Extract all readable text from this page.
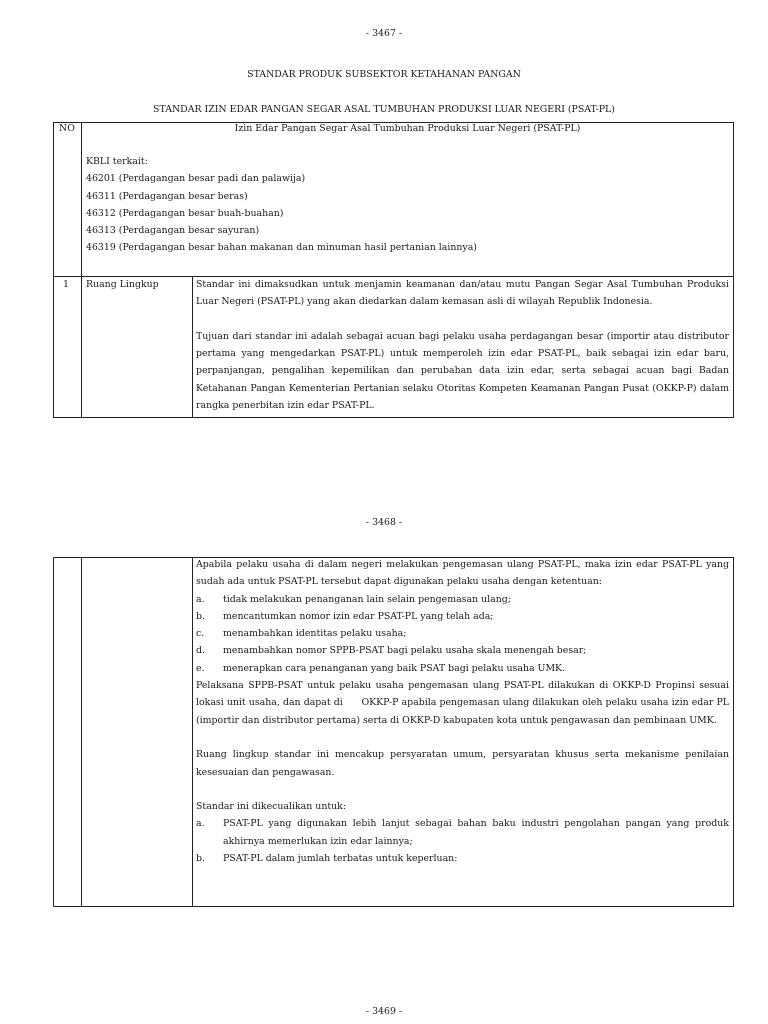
- 3467 -
STANDAR PRODUK SUBSEKTOR KETAHANAN PANGAN
STANDAR IZIN EDAR PANGAN SEGAR ASAL TUMBUHAN PRODUKSI LUAR NEGERI (PSAT-PL)
NO	Izin Edar Pangan Segar Asal Tumbuhan Produksi Luar Negeri (PSAT-PL)
KBLI terkait:
46201 (Perdagangan besar padi dan palawija)
46311 (Perdagangan besar beras)
46312 (Perdagangan besar buah-buahan)
46313 (Perdagangan besar sayuran)
46319 (Perdagangan besar bahan makanan dan minuman hasil pertanian lainnya)
1 Ruang Lingkup	Standar ini dimaksudkan untuk menjamin keamanan dan/atau mutu Pangan Segar Asal Tumbuhan Produksi Luar Negeri (PSAT-PL) yang akan diedarkan dalam kemasan asli di wilayah Republik Indonesia.

Tujuan dari standar ini adalah sebagai acuan bagi pelaku usaha perdagangan besar (importir atau distributor pertama yang mengedarkan PSAT-PL) untuk memperoleh izin edar PSAT-PL, baik sebagai izin edar baru, perpanjangan, pengalihan kepemilikan dan perubahan data izin edar, serta sebagai acuan bagi Badan Ketahanan Pangan Kementerian Pertanian selaku Otoritas Kompeten Keamanan Pangan Pusat (OKKP-P) dalam rangka penerbitan izin edar PSAT-PL.

- 3468 -

Apabila pelaku usaha di dalam negeri melakukan pengemasan ulang PSAT-PL, maka izin edar PSAT-PL yang sudah ada untuk PSAT-PL tersebut dapat digunakan pelaku usaha dengan ketentuan:

a.	tidak melakukan penanganan lain selain pengemasan ulang;
b.	mencantumkan nomor izin edar PSAT-PL yang telah ada;
c.	menambahkan identitas pelaku usaha;
d.	menambahkan nomor SPPB-PSAT bagi pelaku usaha skala menengah besar;
e.	menerapkan cara penanganan yang baik PSAT bagi pelaku usaha UMK.

Pelaksana SPPB-PSAT untuk pelaku usaha pengemasan ulang PSAT-PL dilakukan di OKKP-D Propinsi sesuai lokasi unit usaha, dan dapat di      OKKP-P apabila pengemasan ulang dilakukan oleh pelaku usaha izin edar PL (importir dan distributor pertama) serta di OKKP-D kabupaten kota untuk pengawasan dan pembinaan UMK.

Ruang lingkup standar ini mencakup persyaratan umum, persyaratan khusus serta mekanisme penilaian kesesuaian dan pengawasan.

Standar ini dikecualikan untuk:

a.	PSAT-PL yang digunakan lebih lanjut sebagai bahan baku industri pengolahan pangan yang produk akhirnya memerlukan izin edar lainnya;
b.	PSAT-PL dalam jumlah terbatas untuk keperluan:
- 3469 -
